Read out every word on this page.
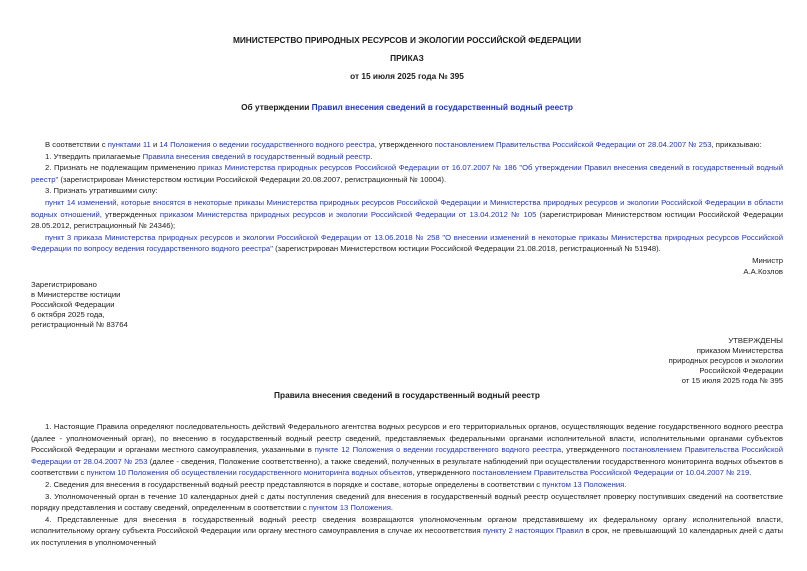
МИНИСТЕРСТВО ПРИРОДНЫХ РЕСУРСОВ И ЭКОЛОГИИ РОССИЙСКОЙ ФЕДЕРАЦИИ
ПРИКАЗ
от 15 июля 2025 года № 395
Об утверждении Правил внесения сведений в государственный водный реестр

В соответствии с пунктами 11 и 14 Положения о ведении государственного водного реестра, утвержденного постановлением Правительства Российской Федерации от 28.04.2007 № 253, приказываю:

1. Утвердить прилагаемые Правила внесения сведений в государственный водный реестр.

2. Признать не подлежащим применению приказ Министерства природных ресурсов Российской Федерации от 16.07.2007 № 186 "Об утверждении Правил внесения сведений в государственный водный реестр" (зарегистрирован Министерством юстиции Российской Федерации 20.08.2007, регистрационный № 10004).

3. Признать утратившими силу:

пункт 14 изменений, которые вносятся в некоторые приказы Министерства природных ресурсов Российской Федерации и Министерства природных ресурсов и экологии Российской Федерации в области водных отношений, утвержденных приказом Министерства природных ресурсов и экологии Российской Федерации от 13.04.2012 № 105 (зарегистрирован Министерством юстиции Российской Федерации 28.05.2012, регистрационный № 24346);

пункт 3 приказа Министерства природных ресурсов и экологии Российской Федерации от 13.06.2018 № 258 "О внесении изменений в некоторые приказы Министерства природных ресурсов Российской Федерации по вопросу ведения государственного водного реестра" (зарегистрирован Министерством юстиции Российской Федерации 21.08.2018, регистрационный № 51948).

Министр
А.А.Козлов
Зарегистрировано
в Министерстве юстиции
Российской Федерации
6 октября 2025 года,
регистрационный № 83764
УТВЕРЖДЕНЫ
приказом Министерства
природных ресурсов и экологии
Российской Федерации
от 15 июля 2025 года № 395
Правила внесения сведений в государственный водный реестр

1. Настоящие Правила определяют последовательность действий Федерального агентства водных ресурсов и его территориальных органов, осуществляющих ведение государственного водного реестра (далее - уполномоченный орган), по внесению в государственный водный реестр сведений, представляемых федеральными органами исполнительной власти, исполнительными органами субъектов Российской Федерации и органами местного самоуправления, указанными в пункте 12 Положения о ведении государственного водного реестра, утвержденного постановлением Правительства Российской Федерации от 28.04.2007 № 253 (далее - сведения, Положение соответственно), а также сведений, полученных в результате наблюдений при осуществлении государственного мониторинга водных объектов в соответствии с пунктом 10 Положения об осуществлении государственного мониторинга водных объектов, утвержденного постановлением Правительства Российской Федерации от 10.04.2007 № 219.

2. Сведения для внесения в государственный водный реестр представляются в порядке и составе, которые определены в соответствии с пунктом 13 Положения.

3. Уполномоченный орган в течение 10 календарных дней с даты поступления сведений для внесения в государственный водный реестр осуществляет проверку поступивших сведений на соответствие порядку представления и составу сведений, определенным в соответствии с пунктом 13 Положения.

4. Представленные для внесения в государственный водный реестр сведения возвращаются уполномоченным органом представившему их федеральному органу исполнительной власти, исполнительному органу субъекта Российской Федерации или органу местного самоуправления в случае их несоответствия пункту 2 настоящих Правил в срок, не превышающий 10 календарных дней с даты их поступления в уполномоченный
